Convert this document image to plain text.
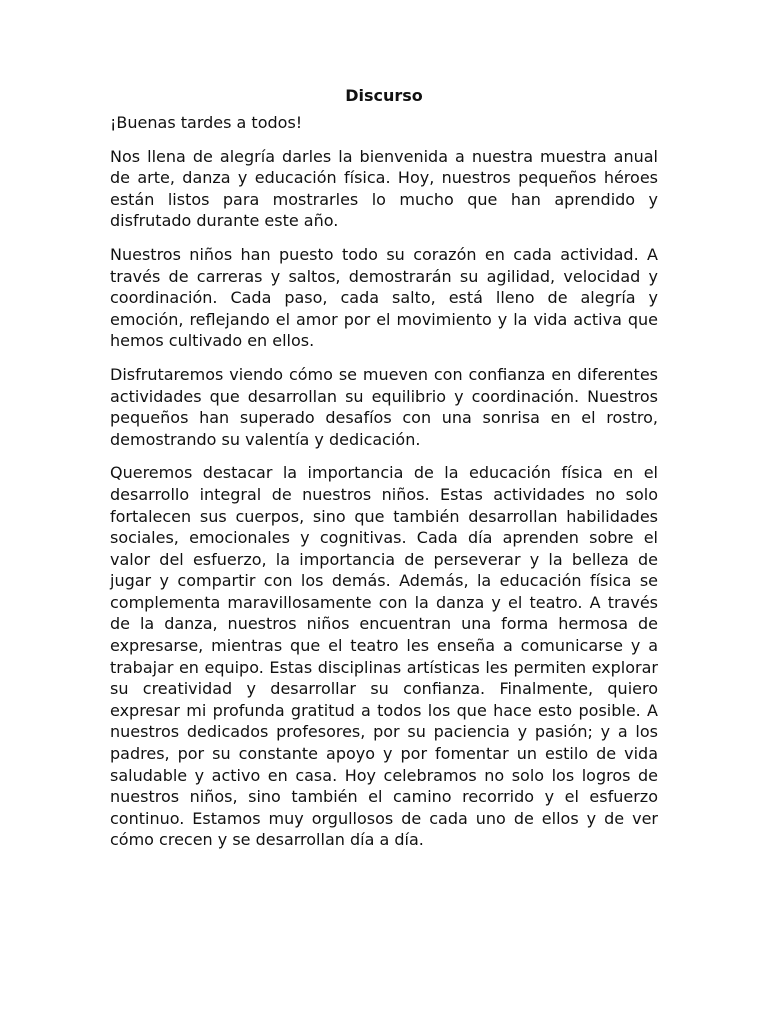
Discurso

¡Buenas tardes a todos!

Nos llena de alegría darles la bienvenida a nuestra muestra anual de arte, danza y educación física. Hoy, nuestros pequeños héroes están listos para mostrarles lo mucho que han aprendido y disfrutado durante este año.

Nuestros niños han puesto todo su corazón en cada actividad. A través de carreras y saltos, demostrarán su agilidad, velocidad y coordinación. Cada paso, cada salto, está lleno de alegría y emoción, reflejando el amor por el movimiento y la vida activa que hemos cultivado en ellos.

Disfrutaremos viendo cómo se mueven con confianza en diferentes actividades que desarrollan su equilibrio y coordinación. Nuestros pequeños han superado desafíos con una sonrisa en el rostro, demostrando su valentía y dedicación.

Queremos destacar la importancia de la educación física en el desarrollo integral de nuestros niños. Estas actividades no solo fortalecen sus cuerpos, sino que también desarrollan habilidades sociales, emocionales y cognitivas. Cada día aprenden sobre el valor del esfuerzo, la importancia de perseverar y la belleza de jugar y compartir con los demás. Además, la educación física se complementa maravillosamente con la danza y el teatro. A través de la danza, nuestros niños encuentran una forma hermosa de expresarse, mientras que el teatro les enseña a comunicarse y a trabajar en equipo. Estas disciplinas artísticas les permiten explorar su creatividad y desarrollar su confianza. Finalmente, quiero expresar mi profunda gratitud a todos los que hace esto posible. A nuestros dedicados profesores, por su paciencia y pasión; y a los padres, por su constante apoyo y por fomentar un estilo de vida saludable y activo en casa. Hoy celebramos no solo los logros de nuestros niños, sino también el camino recorrido y el esfuerzo continuo. Estamos muy orgullosos de cada uno de ellos y de ver cómo crecen y se desarrollan día a día.
